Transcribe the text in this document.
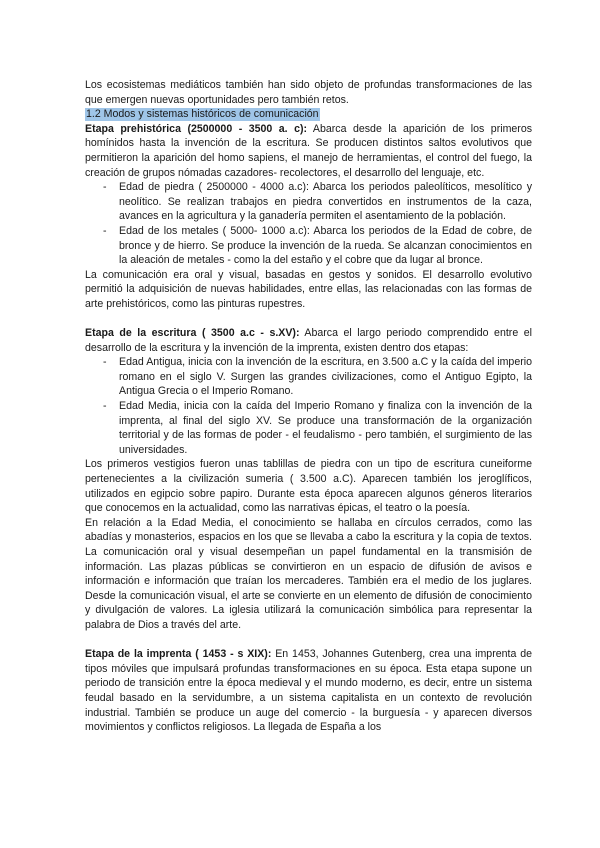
Los ecosistemas mediáticos también han sido objeto de profundas transformaciones de las que emergen nuevas oportunidades pero también retos.

1.2 Modos y sistemas históricos de comunicación

Etapa prehistórica (2500000 - 3500 a. c): Abarca desde la aparición de los primeros homínidos hasta la invención de la escritura. Se producen distintos saltos evolutivos que permitieron la aparición del homo sapiens, el manejo de herramientas, el control del fuego, la creación de grupos nómadas cazadores- recolectores, el desarrollo del lenguaje, etc.

- Edad de piedra ( 2500000 - 4000 a.c): Abarca los periodos paleolíticos, mesolítico y neolítico. Se realizan trabajos en piedra convertidos en instrumentos de la caza, avances en la agricultura y la ganadería permiten el asentamiento de la población.
- Edad de los metales ( 5000- 1000 a.c): Abarca los periodos de la Edad de cobre, de bronce y de hierro. Se produce la invención de la rueda. Se alcanzan conocimientos en la aleación de metales - como la del estaño y el cobre que da lugar al bronce.

La comunicación era oral y visual, basadas en gestos y sonidos. El desarrollo evolutivo permitió la adquisición de nuevas habilidades, entre ellas, las relacionadas con las formas de arte prehistóricos, como las pinturas rupestres.

Etapa de la escritura ( 3500 a.c - s.XV): Abarca el largo periodo comprendido entre el desarrollo de la escritura y la invención de la imprenta, existen dentro dos etapas:

- Edad Antigua, inicia con la invención de la escritura, en 3.500 a.C y la caída del imperio romano en el siglo V. Surgen las grandes civilizaciones, como el Antiguo Egipto, la Antigua Grecia o el Imperio Romano.
- Edad Media, inicia con la caída del Imperio Romano y finaliza con la invención de la imprenta, al final del siglo XV. Se produce una transformación de la organización territorial y de las formas de poder - el feudalismo - pero también, el surgimiento de las universidades.

Los primeros vestigios fueron unas tablillas de piedra con un tipo de escritura cuneiforme pertenecientes a la civilización sumeria ( 3.500 a.C). Aparecen también los jeroglíficos, utilizados en egipcio sobre papiro. Durante esta época aparecen algunos géneros literarios que conocemos en la actualidad, como las narrativas épicas, el teatro o la poesía.

En relación a la Edad Media, el conocimiento se hallaba en círculos cerrados, como las abadías y monasterios, espacios en los que se llevaba a cabo la escritura y la copia de textos. La comunicación oral y visual desempeñan un papel fundamental en la transmisión de información. Las plazas públicas se convirtieron en un espacio de difusión de avisos e información e información que traían los mercaderes. También era el medio de los juglares. Desde la comunicación visual, el arte se convierte en un elemento de difusión de conocimiento y divulgación de valores. La iglesia utilizará la comunicación simbólica para representar la palabra de Dios a través del arte.

Etapa de la imprenta ( 1453 - s XIX): En 1453, Johannes Gutenberg, crea una imprenta de tipos móviles que impulsará profundas transformaciones en su época. Esta etapa supone un periodo de transición entre la época medieval y el mundo moderno, es decir, entre un sistema feudal basado en la servidumbre, a un sistema capitalista en un contexto de revolución industrial. También se produce un auge del comercio - la burguesía - y aparecen diversos movimientos y conflictos religiosos. La llegada de España a los
